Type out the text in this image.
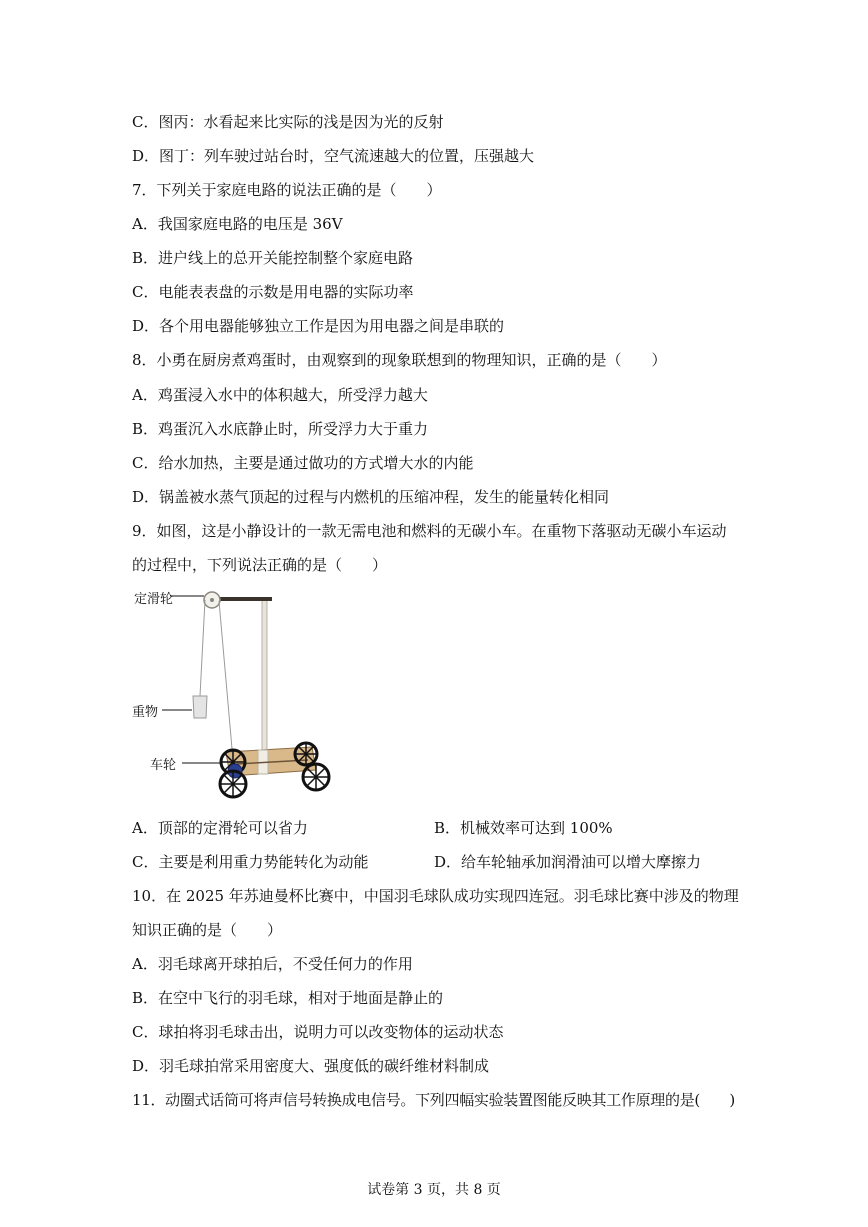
C．图丙：水看起来比实际的浅是因为光的反射
D．图丁：列车驶过站台时，空气流速越大的位置，压强越大
7．下列关于家庭电路的说法正确的是（　　）
A．我国家庭电路的电压是 36V
B．进户线上的总开关能控制整个家庭电路
C．电能表表盘的示数是用电器的实际功率
D．各个用电器能够独立工作是因为用电器之间是串联的
8．小勇在厨房煮鸡蛋时，由观察到的现象联想到的物理知识，正确的是（　　）
A．鸡蛋浸入水中的体积越大，所受浮力越大
B．鸡蛋沉入水底静止时，所受浮力大于重力
C．给水加热，主要是通过做功的方式增大水的内能
D．锅盖被水蒸气顶起的过程与内燃机的压缩冲程，发生的能量转化相同
9．如图，这是小静设计的一款无需电池和燃料的无碳小车。在重物下落驱动无碳小车运动
的过程中，下列说法正确的是（　　）
定滑轮
重物
车轮
A．顶部的定滑轮可以省力	B．机械效率可达到 100%
C．主要是利用重力势能转化为动能	D．给车轮轴承加润滑油可以增大摩擦力
10．在 2025 年苏迪曼杯比赛中，中国羽毛球队成功实现四连冠。羽毛球比赛中涉及的物理
知识正确的是（　　）
A．羽毛球离开球拍后，不受任何力的作用
B．在空中飞行的羽毛球，相对于地面是静止的
C．球拍将羽毛球击出，说明力可以改变物体的运动状态
D．羽毛球拍常采用密度大、强度低的碳纤维材料制成
11．动圈式话筒可将声信号转换成电信号。下列四幅实验装置图能反映其工作原理的是(　　)
试卷第 3 页，共 8 页
